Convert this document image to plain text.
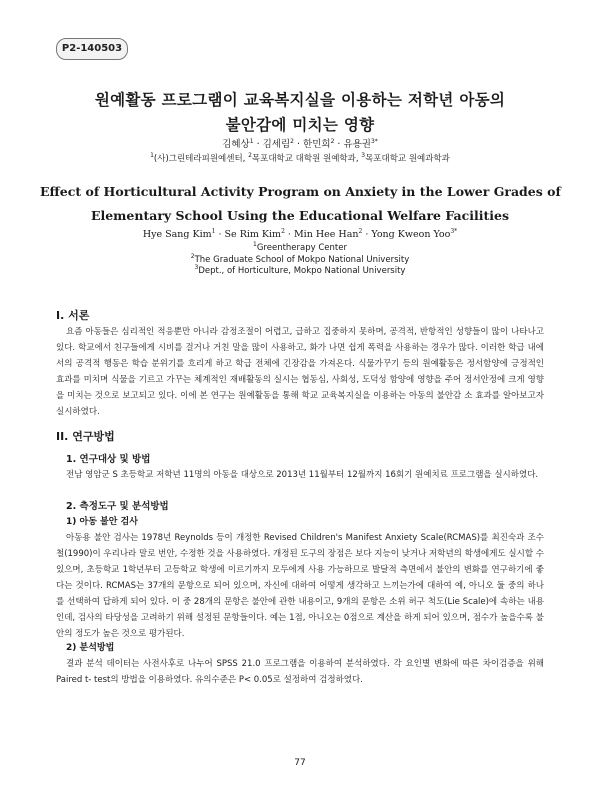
P2-140503
원예활동 프로그램이 교육복지실을 이용하는 저학년 아동의
불안감에 미치는 영향
김혜상$^1$ · 김세림$^2$ · 한민희$^2$ · 유용권$^{3*}$
$^1$(사)그린테라피원예센터, $^2$목포대학교 대학원 원예학과, $^3$목포대학교 원예과학과
Effect of Horticultural Activity Program on Anxiety in the Lower Grades of
Elementary School Using the Educational Welfare Facilities
Hye Sang Kim$^1$ · Se Rim Kim$^2$ · Min Hee Han$^2$ · Yong Kweon Yoo$^{3*}$
$^1$Greentherapy Center
$^2$The Graduate School of Mokpo National University
$^3$Dept., of Horticulture, Mokpo National University
I. 서론
요즘 아동들은 심리적인 적응뿐만 아니라 감정조절이 어렵고, 급하고 집중하지 못하며, 공격적, 반항적인 성향들이 많이 나타나고 있다. 학교에서 친구들에게 시비를 걸거나 거친 말을 많이 사용하고, 화가 나면 쉽게 폭력을 사용하는 경우가 많다. 이러한 학급 내에서의 공격적 행동은 학습 분위기를 흐리게 하고 학급 전체에 긴장감을 가져온다. 식물가꾸기 등의 원예활동은 정서함양에 긍정적인 효과를 미치며 식물을 기르고 가꾸는 체계적인 재배활동의 실시는 협동심, 사회성, 도덕성 함양에 영향을 주어 정서안정에 크게 영향을 미치는 것으로 보고되고 있다. 이에 본 연구는 원예활동을 통해 학교 교육복지실을 이용하는 아동의 불안감 소 효과를 알아보고자 실시하였다.
II. 연구방법
1. 연구대상 및 방법
전남 영암군 S 초등학교 저학년 11명의 아동을 대상으로 2013년 11월부터 12월까지 16회기 원예치료 프로그램을 실시하였다.
2. 측정도구 및 분석방법
1) 아동 불안 검사
아동용 불안 검사는 1978년 Reynolds 등이 개정한 Revised Children's Manifest Anxiety Scale(RCMAS)를 최진숙과 조수철(1990)이 우리나라 말로 번안, 수정한 것을 사용하였다. 개정된 도구의 장점은 보다 지능이 낮거나 저학년의 학생에게도 실시할 수 있으며, 초등학교 1학년부터 고등학교 학생에 이르기까지 모두에게 사용 가능하므로 발달적 측면에서 불안의 변화를 연구하기에 좋다는 것이다. RCMAS는 37개의 문항으로 되어 있으며, 자신에 대하여 어떻게 생각하고 느끼는가에 대하여 예, 아니오 둘 중의 하나를 선택하여 답하게 되어 있다. 이 중 28개의 문항은 불안에 관한 내용이고, 9개의 문항은 소위 허구 척도(Lie Scale)에 속하는 내용인데, 검사의 타당성을 고려하기 위해 설정된 문항들이다. 예는 1점, 아니오는 0점으로 계산을 하게 되어 있으며, 점수가 높을수록 불안의 정도가 높은 것으로 평가된다.
2) 분석방법
결과 분석 데이터는 사전사후로 나누어 SPSS 21.0 프로그램을 이용하여 분석하였다. 각 요인별 변화에 따른 차이검증을 위해 Paired t- test의 방법을 이용하였다. 유의수준은 P< 0.05로 설정하여 검정하였다.
77
